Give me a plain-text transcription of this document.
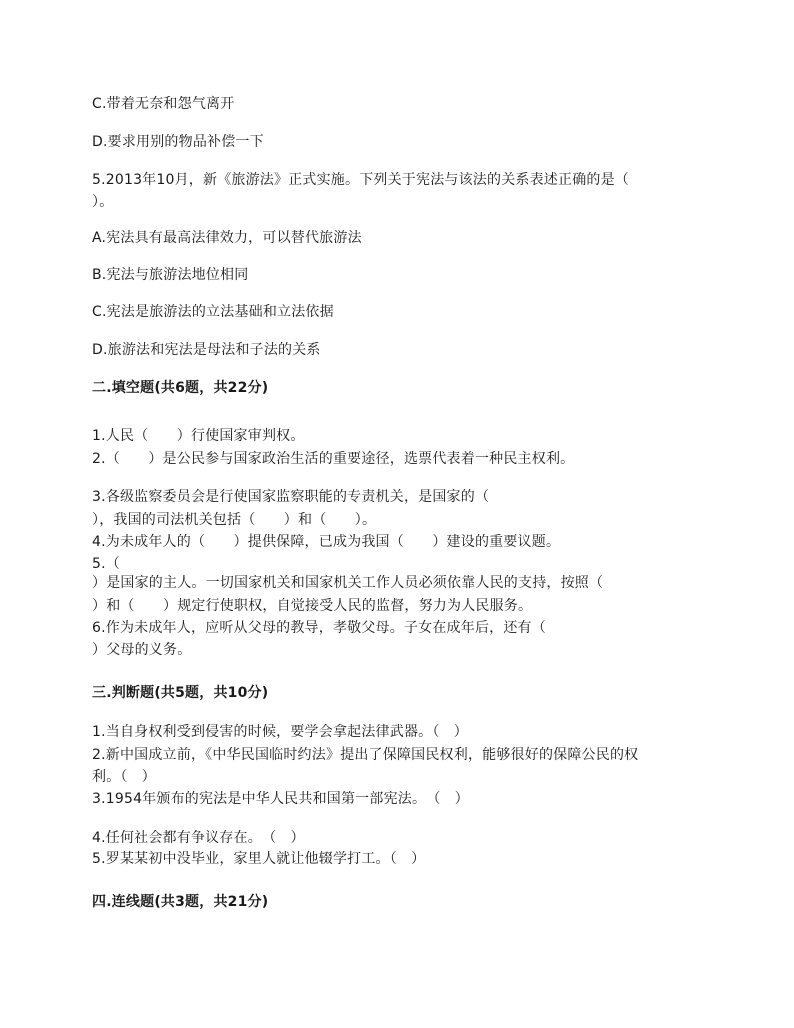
C.带着无奈和怨气离开
D.要求用别的物品补偿一下
5.2013年10月，新《旅游法》正式实施。下列关于宪法与该法的关系表述正确的是（
）。
A.宪法具有最高法律效力，可以替代旅游法
B.宪法与旅游法地位相同
C.宪法是旅游法的立法基础和立法依据
D.旅游法和宪法是母法和子法的关系
二.填空题(共6题，共22分)
1.人民（　　）行使国家审判权。
2.（　　）是公民参与国家政治生活的重要途径，选票代表着一种民主权利。
3.各级监察委员会是行使国家监察职能的专责机关，是国家的（
），我国的司法机关包括（　　）和（　　）。
4.为未成年人的（　　）提供保障，已成为我国（　　）建设的重要议题。
5.（
）是国家的主人。一切国家机关和国家机关工作人员必须依靠人民的支持，按照（
）和（　　）规定行使职权，自觉接受人民的监督，努力为人民服务。
6.作为未成年人，应听从父母的教导，孝敬父母。子女在成年后，还有（
）父母的义务。
三.判断题(共5题，共10分)
1.当自身权利受到侵害的时候，要学会拿起法律武器。（　）
2.新中国成立前，《中华民国临时约法》提出了保障国民权利，能够很好的保障公民的权
利。（　）
3.1954年颁布的宪法是中华人民共和国第一部宪法。　（　）
4.任何社会都有争议存在。　（　）
5.罗某某初中没毕业，家里人就让他辍学打工。（　）
四.连线题(共3题，共21分)
